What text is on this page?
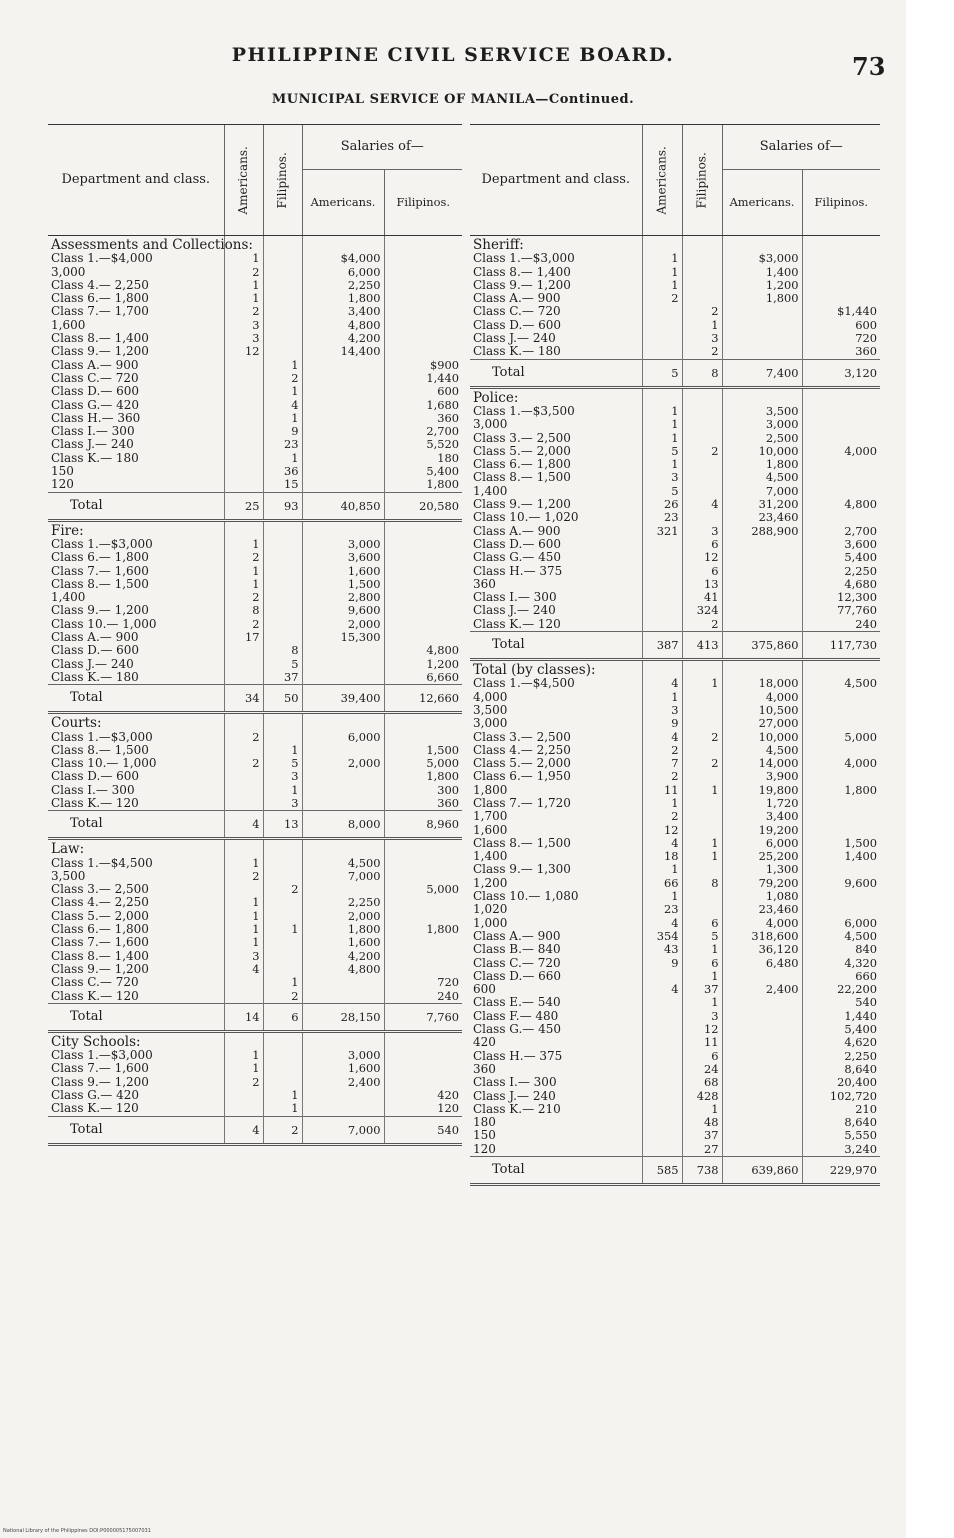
PHILIPPINE CIVIL SERVICE BOARD.	73
MUNICIPAL SERVICE OF MANILA—Continued.
Department and class.	Americans.	Filipinos.	Salaries of—	
			Americans.	Filipinos.
Assessments and Collections:				
Class 1.—$4,000	1		$4,000	
3,000	2		6,000	
Class 4.— 2,250	1		2,250	
Class 6.— 1,800	1		1,800	
Class 7.— 1,700	2		3,400	
1,600	3		4,800	
Class 8.— 1,400	3		4,200	
Class 9.— 1,200	12		14,400	
Class A.— 900		1		$900
Class C.— 720		2		1,440
Class D.— 600		1		600
Class G.— 420		4		1,680
Class H.— 360		1		360
Class I.— 300		9		2,700
Class J.— 240		23		5,520
Class K.— 180		1		180
150		36		5,400
120		15		1,800
Total	25	93	40,850	20,580
Fire:				
Class 1.—$3,000	1		3,000	
Class 6.— 1,800	2		3,600	
Class 7.— 1,600	1		1,600	
Class 8.— 1,500	1		1,500	
1,400	2		2,800	
Class 9.— 1,200	8		9,600	
Class 10.— 1,000	2		2,000	
Class A.— 900	17		15,300	
Class D.— 600		8		4,800
Class J.— 240		5		1,200
Class K.— 180		37		6,660
Total	34	50	39,400	12,660
Courts:				
Class 1.—$3,000	2		6,000	
Class 8.— 1,500		1		1,500
Class 10.— 1,000	2	5	2,000	5,000
Class D.— 600		3		1,800
Class I.— 300		1		300
Class K.— 120		3		360
Total	4	13	8,000	8,960
Law:				
Class 1.—$4,500	1		4,500	
3,500	2		7,000	
Class 3.— 2,500		2		5,000
Class 4.— 2,250	1		2,250	
Class 5.— 2,000	1		2,000	
Class 6.— 1,800	1	1	1,800	1,800
Class 7.— 1,600	1		1,600	
Class 8.— 1,400	3		4,200	
Class 9.— 1,200	4		4,800	
Class C.— 720		1		720
Class K.— 120		2		240
Total	14	6	28,150	7,760
City Schools:				
Class 1.—$3,000	1		3,000	
Class 7.— 1,600	1		1,600	
Class 9.— 1,200	2		2,400	
Class G.— 420		1		420
Class K.— 120		1		120
Total	4	2	7,000	540
Department and class.	Americans.	Filipinos.	Salaries of—	
			Americans.	Filipinos.
Sheriff:				
Class 1.—$3,000	1		$3,000	
Class 8.— 1,400	1		1,400	
Class 9.— 1,200	1		1,200	
Class A.— 900	2		1,800	
Class C.— 720		2		$1,440
Class D.— 600		1		600
Class J.— 240		3		720
Class K.— 180		2		360
Total	5	8	7,400	3,120
Police:				
Class 1.—$3,500	1		3,500	
3,000	1		3,000	
Class 3.— 2,500	1		2,500	
Class 5.— 2,000	5	2	10,000	4,000
Class 6.— 1,800	1		1,800	
Class 8.— 1,500	3		4,500	
1,400	5		7,000	
Class 9.— 1,200	26	4	31,200	4,800
Class 10.— 1,020	23		23,460	
Class A.— 900	321	3	288,900	2,700
Class D.— 600		6		3,600
Class G.— 450		12		5,400
Class H.— 375		6		2,250
360		13		4,680
Class I.— 300		41		12,300
Class J.— 240		324		77,760
Class K.— 120		2		240
Total	387	413	375,860	117,730
Total (by classes):				
Class 1.—$4,500	4	1	18,000	4,500
4,000	1		4,000	
3,500	3		10,500	
3,000	9		27,000	
Class 3.— 2,500	4	2	10,000	5,000
Class 4.— 2,250	2		4,500	
Class 5.— 2,000	7	2	14,000	4,000
Class 6.— 1,950	2		3,900	
1,800	11	1	19,800	1,800
Class 7.— 1,720	1		1,720	
1,700	2		3,400	
1,600	12		19,200	
Class 8.— 1,500	4	1	6,000	1,500
1,400	18	1	25,200	1,400
Class 9.— 1,300	1		1,300	
1,200	66	8	79,200	9,600
Class 10.— 1,080	1		1,080	
1,020	23		23,460	
1,000	4	6	4,000	6,000
Class A.— 900	354	5	318,600	4,500
Class B.— 840	43	1	36,120	840
Class C.— 720	9	6	6,480	4,320
Class D.— 660		1		660
600	4	37	2,400	22,200
Class E.— 540		1		540
Class F.— 480		3		1,440
Class G.— 450		12		5,400
420		11		4,620
Class H.— 375		6		2,250
360		24		8,640
Class I.— 300		68		20,400
Class J.— 240		428		102,720
Class K.— 210		1		210
180		48		8,640
150		37		5,550
120		27		3,240
Total	585	738	639,860	229,970
National Library of the Philippines DOI:P000005175007031
